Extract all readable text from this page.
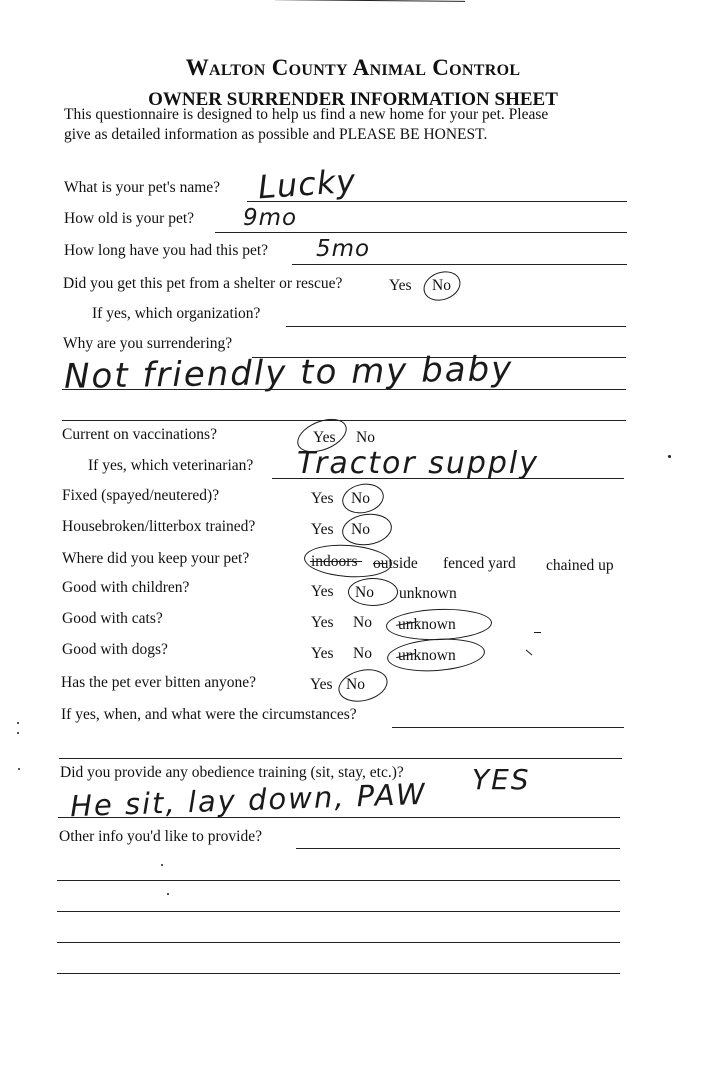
Walton County Animal Control
OWNER SURRENDER INFORMATION SHEET
This questionnaire is designed to help us find a new home for your pet. Please
give as detailed information as possible and PLEASE BE HONEST.
What is your pet's name? Lucky
How old is your pet? 9mo
How long have you had this pet? 5mo
Did you get this pet from a shelter or rescue?	Yes No
If yes, which organization?
Why are you surrendering?
Not friendly to my baby
Current on vaccinations?	Yes No
If yes, which veterinarian? Tractor supply
Fixed (spayed/neutered)?	Yes No
Housebroken/litterbox trained?	Yes No
Where did you keep your pet?	indoors outside fenced yard chained up
Good with children?	Yes No unknown
Good with cats?	Yes No unknown
Good with dogs?	Yes No unknown
Has the pet ever bitten anyone?	Yes No
If yes, when, and what were the circumstances?
Did you provide any obedience training (sit, stay, etc.)? YES
He sit, lay down, PAW
Other info you'd like to provide?
